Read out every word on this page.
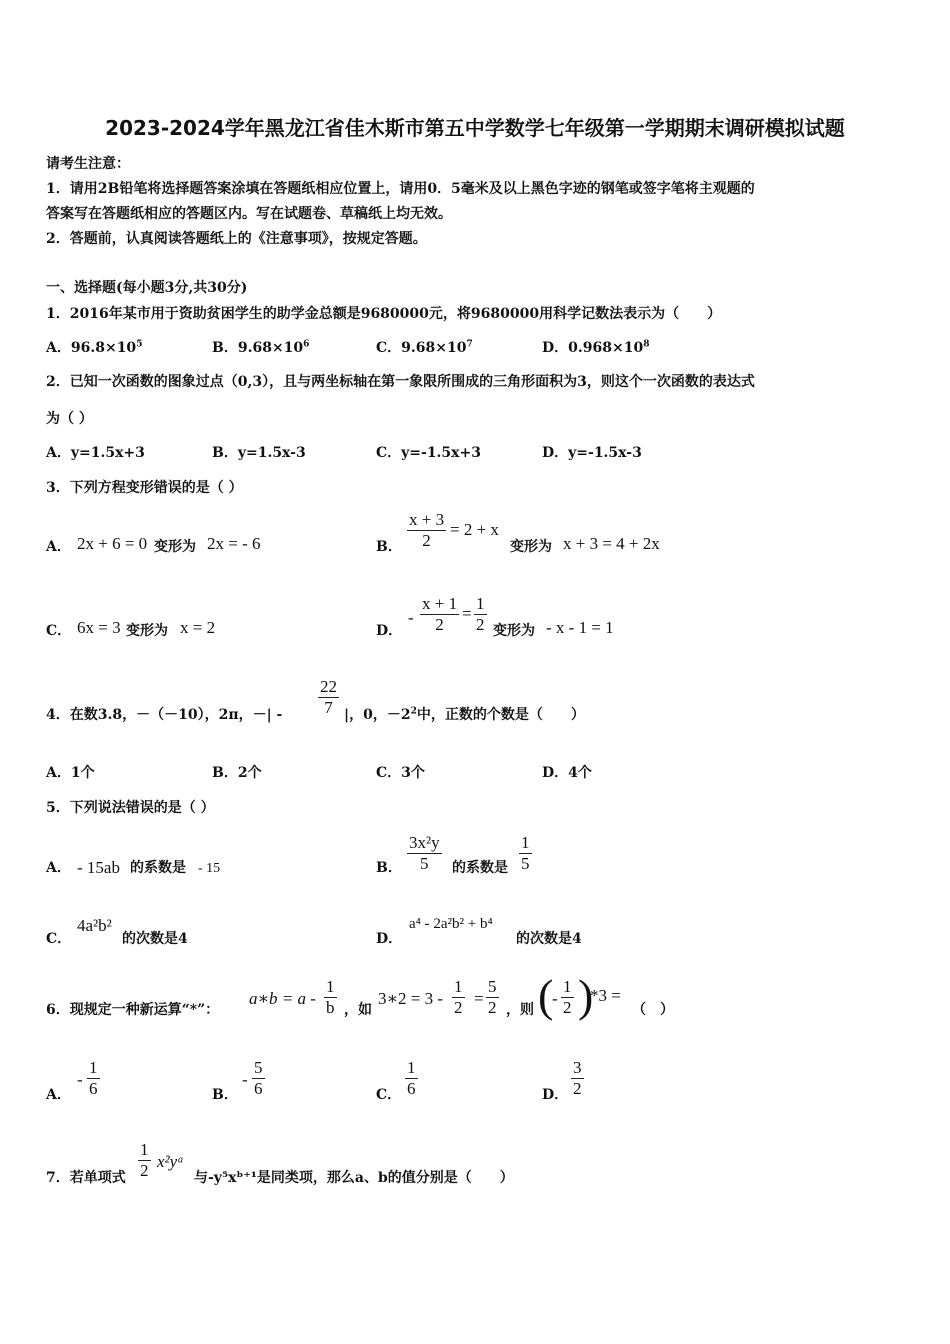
2023-2024学年黑龙江省佳木斯市第五中学数学七年级第一学期期末调研模拟试题
请考生注意：
1．请用2B铅笔将选择题答案涂填在答题纸相应位置上，请用0．5毫米及以上黑色字迹的钢笔或签字笔将主观题的
答案写在答题纸相应的答题区内。写在试题卷、草稿纸上均无效。
2．答题前，认真阅读答题纸上的《注意事项》，按规定答题。
一、选择题(每小题3分,共30分)
1．2016年某市用于资助贫困学生的助学金总额是9680000元，将9680000用科学记数法表示为（　　）
A．$96.8\times 10^5$	B．$9.68\times 10^6$	C．$9.68\times 10^7$	D．$0.968\times 10^8$
2．已知一次函数的图象过点（0,3），且与两坐标轴在第一象限所围成的三角形面积为3，则这个一次函数的表达式
为（ ）
A．y=1.5x+3	B．y=1.5x-3	C．y=-1.5x+3	D．y=-1.5x-3
3．下列方程变形错误的是（ ）
A． 2x + 6 = 0 变形为 2x = - 6	B． $\frac{x + 3}{2} = 2 + x$
变形为 x + 3 = 4 + 2x
C． 6x = 3 变形为 x = 2	D．
- $\frac{x + 1}{2} = \frac{1}{2}$ 变形为 - x - 1 = 1
4．在数3.8，－（－10），2π，－| - $\frac{22}{7}$ |，0，$-2^2$中，正数的个数是（　　）
A．1个	B．2个	C．3个	D．4个
5．下列说法错误的是（ ）
A． - 15ab 的系数是 - 15	B． $\frac{\text{3x²y}}{5}$ 的系数是 $\frac{1}{5}$
C．
4a²b²
的次数是4	D．
a⁴ - 2a²b² + b⁴
的次数是4
6．现规定一种新运算“*”：
a∗b = a - $\frac{1}{b}$ ，如
3∗2 = $3 - \frac{1}{2} = \frac{5}{2}$ ，则 (
- $\frac{1}{2}$ )
*3 =
（　）
A．
- $\frac{1}{6}$	B．
- $\frac{5}{6}$	C． $\frac{1}{6}$	D． $\frac{3}{2}$
7．若单项式 $\frac{1}{2}$ x²yᵃ
与-y⁵xᵇ⁺¹是同类项，那么a、b的值分别是（　　）
